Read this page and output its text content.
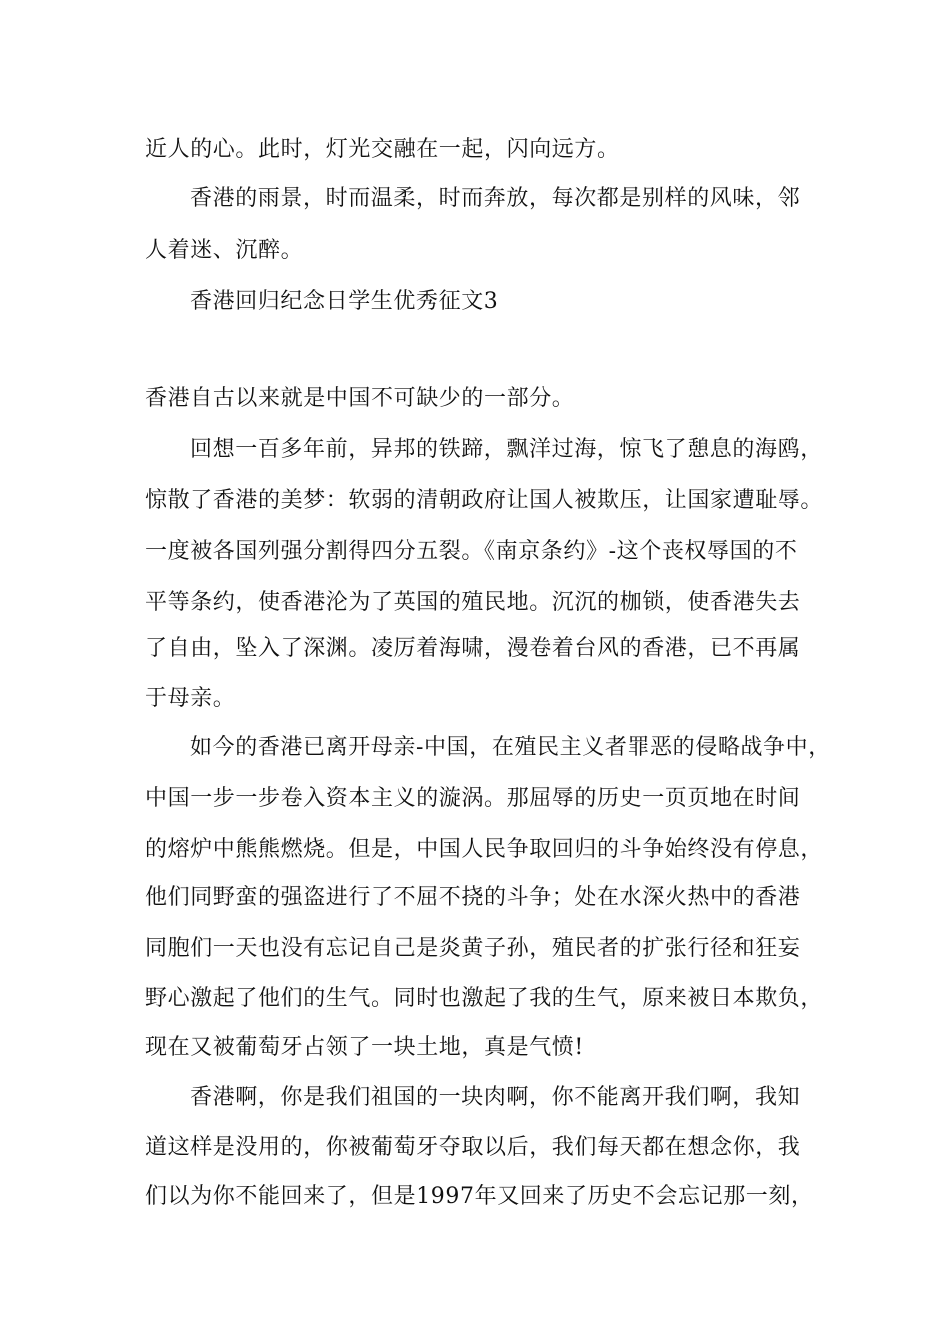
近人的心。此时，灯光交融在一起，闪向远方。
香港的雨景，时而温柔，时而奔放，每次都是别样的风味，邻
人着迷、沉醉。
香港回归纪念日学生优秀征文3
香港自古以来就是中国不可缺少的一部分。
回想一百多年前，异邦的铁蹄，飘洋过海，惊飞了憩息的海鸥，
惊散了香港的美梦：软弱的清朝政府让国人被欺压，让国家遭耻辱。
一度被各国列强分割得四分五裂。《南京条约》-这个丧权辱国的不
平等条约，使香港沦为了英国的殖民地。沉沉的枷锁，使香港失去
了自由，坠入了深渊。凌厉着海啸，漫卷着台风的香港，已不再属
于母亲。
如今的香港已离开母亲-中国，在殖民主义者罪恶的侵略战争中，
中国一步一步卷入资本主义的漩涡。那屈辱的历史一页页地在时间
的熔炉中熊熊燃烧。但是，中国人民争取回归的斗争始终没有停息，
他们同野蛮的强盗进行了不屈不挠的斗争；处在水深火热中的香港
同胞们一天也没有忘记自己是炎黄子孙，殖民者的扩张行径和狂妄
野心激起了他们的生气。同时也激起了我的生气，原来被日本欺负，
现在又被葡萄牙占领了一块土地，真是气愤!
香港啊，你是我们祖国的一块肉啊，你不能离开我们啊，我知
道这样是没用的，你被葡萄牙夺取以后，我们每天都在想念你，我
们以为你不能回来了，但是1997年又回来了历史不会忘记那一刻，
